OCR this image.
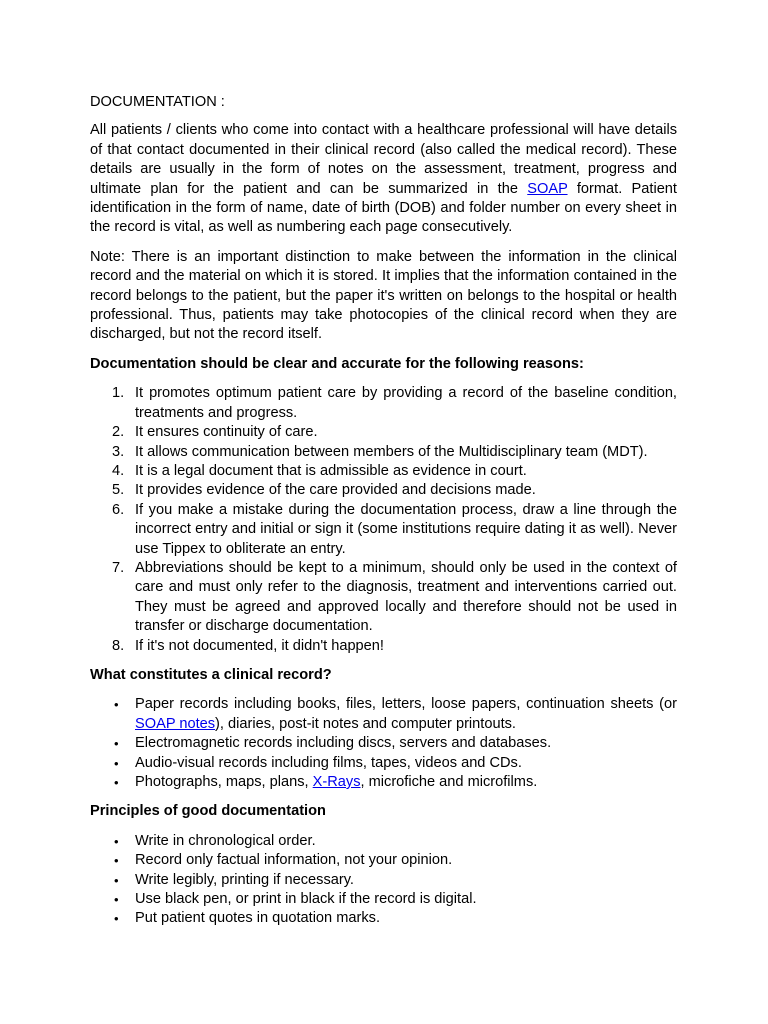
DOCUMENTATION :

All patients / clients who come into contact with a healthcare professional will have details of that contact documented in their clinical record (also called the medical record). These details are usually in the form of notes on the assessment, treatment, progress and ultimate plan for the patient and can be summarized in the SOAP format. Patient identification in the form of name, date of birth (DOB) and folder number on every sheet in the record is vital, as well as numbering each page consecutively.

Note: There is an important distinction to make between the information in the clinical record and the material on which it is stored. It implies that the information contained in the record belongs to the patient, but the paper it's written on belongs to the hospital or health professional. Thus, patients may take photocopies of the clinical record when they are discharged, but not the record itself.

Documentation should be clear and accurate for the following reasons:
1. It promotes optimum patient care by providing a record of the baseline condition, treatments and progress.
2. It ensures continuity of care.
3. It allows communication between members of the Multidisciplinary team (MDT).
4. It is a legal document that is admissible as evidence in court.
5. It provides evidence of the care provided and decisions made.
6. If you make a mistake during the documentation process, draw a line through the incorrect entry and initial or sign it (some institutions require dating it as well). Never use Tippex to obliterate an entry.
7. Abbreviations should be kept to a minimum, should only be used in the context of care and must only refer to the diagnosis, treatment and interventions carried out. They must be agreed and approved locally and therefore should not be used in transfer or discharge documentation.
8. If it's not documented, it didn't happen!
What constitutes a clinical record?
• Paper records including books, files, letters, loose papers, continuation sheets (or SOAP notes), diaries, post-it notes and computer printouts.
• Electromagnetic records including discs, servers and databases.
• Audio-visual records including films, tapes, videos and CDs.
• Photographs, maps, plans, X-Rays, microfiche and microfilms.
Principles of good documentation
• Write in chronological order.
• Record only factual information, not your opinion.
• Write legibly, printing if necessary.
• Use black pen, or print in black if the record is digital.
• Put patient quotes in quotation marks.
